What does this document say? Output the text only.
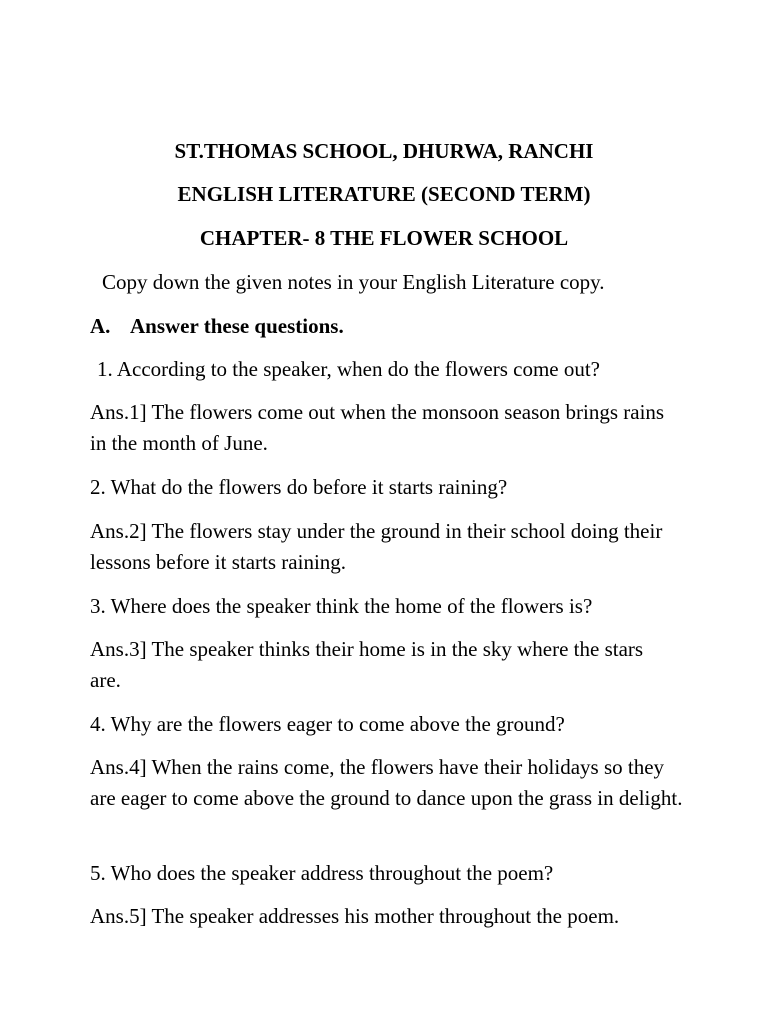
ST.THOMAS SCHOOL, DHURWA, RANCHI
ENGLISH LITERATURE (SECOND TERM)
CHAPTER- 8 THE FLOWER SCHOOL
Copy down the given notes in your English Literature copy.
A. Answer these questions.
1. According to the speaker, when do the flowers come out?
Ans.1] The flowers come out when the monsoon season brings rains in the month of June.
2. What do the flowers do before it starts raining?
Ans.2] The flowers stay under the ground in their school doing their lessons before it starts raining.
3. Where does the speaker think the home of the flowers is?
Ans.3] The speaker thinks their home is in the sky where the stars are.
4. Why are the flowers eager to come above the ground?
Ans.4] When the rains come, the flowers have their holidays so they are eager to come above the ground to dance upon the grass in delight.
5. Who does the speaker address throughout the poem?
Ans.5] The speaker addresses his mother throughout the poem.
